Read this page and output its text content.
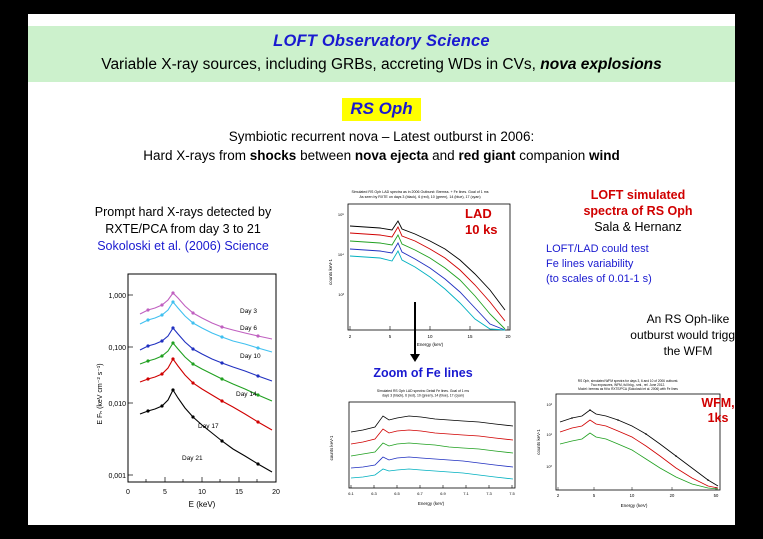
LOFT Observatory Science
Variable X-ray sources, including GRBs, accreting WDs in CVs, nova explosions
RS Oph
Symbiotic recurrent nova – Latest outburst in 2006:
Hard X-rays from shocks between nova ejecta and red giant companion wind
Prompt hard X-rays detected by
RXTE/PCA from day 3 to 21
Sokoloski et al. (2006) Science
1,000
0,100
0,010
0,001
0	5	10	15	20
E (keV)
E Fₕ (keV cm⁻² s⁻¹)
Day 3
Day 6
Day 10
Day 14
Day 17
Day 21
Simulated RS Oph LAD spectra as in 2006 Outburst: Bremss. + Fe lines. Goal of 1 ms
As seen by RXTE on days 3 (black), 6 (red), 10 (green), 14 (blue), 17 (cyan)
2	5	10	15	20
Energy (keV)
counts keV-1
10⁵
10⁴
10³
LAD
10 ks
LOFT simulated
spectra of RS Oph
Sala & Hernanz
LOFT/LAD could test
Fe lines variability
(to scales of 0.01-1 s)
Zoom of Fe lines
Simulated RS Oph LAD spectra: Detail Fe lines. Goal of 1 ms
days 3 (black), 6 (red), 10 (green), 14 (blue), 17 (cyan)
6.1	6.3	6.5	6.7	6.9	7.1	7.3	7.5
Energy (keV)
counts keV-1
An RS Oph-like
outburst would trigger
the WFM
RS Oph, simulated WFM spectra for days 3, 6 and 10 of 2006 outburst.
Two exposures, WFM, full bkg., sml., ref. June 2012.
Model: bremss as fit to RXTE/PCA (Sokoloski et al. 2006) with Fe lines
2	5	10	20	50
Energy (keV)
counts keV-1
10²
10¹
10⁰
WFM,
1ks
